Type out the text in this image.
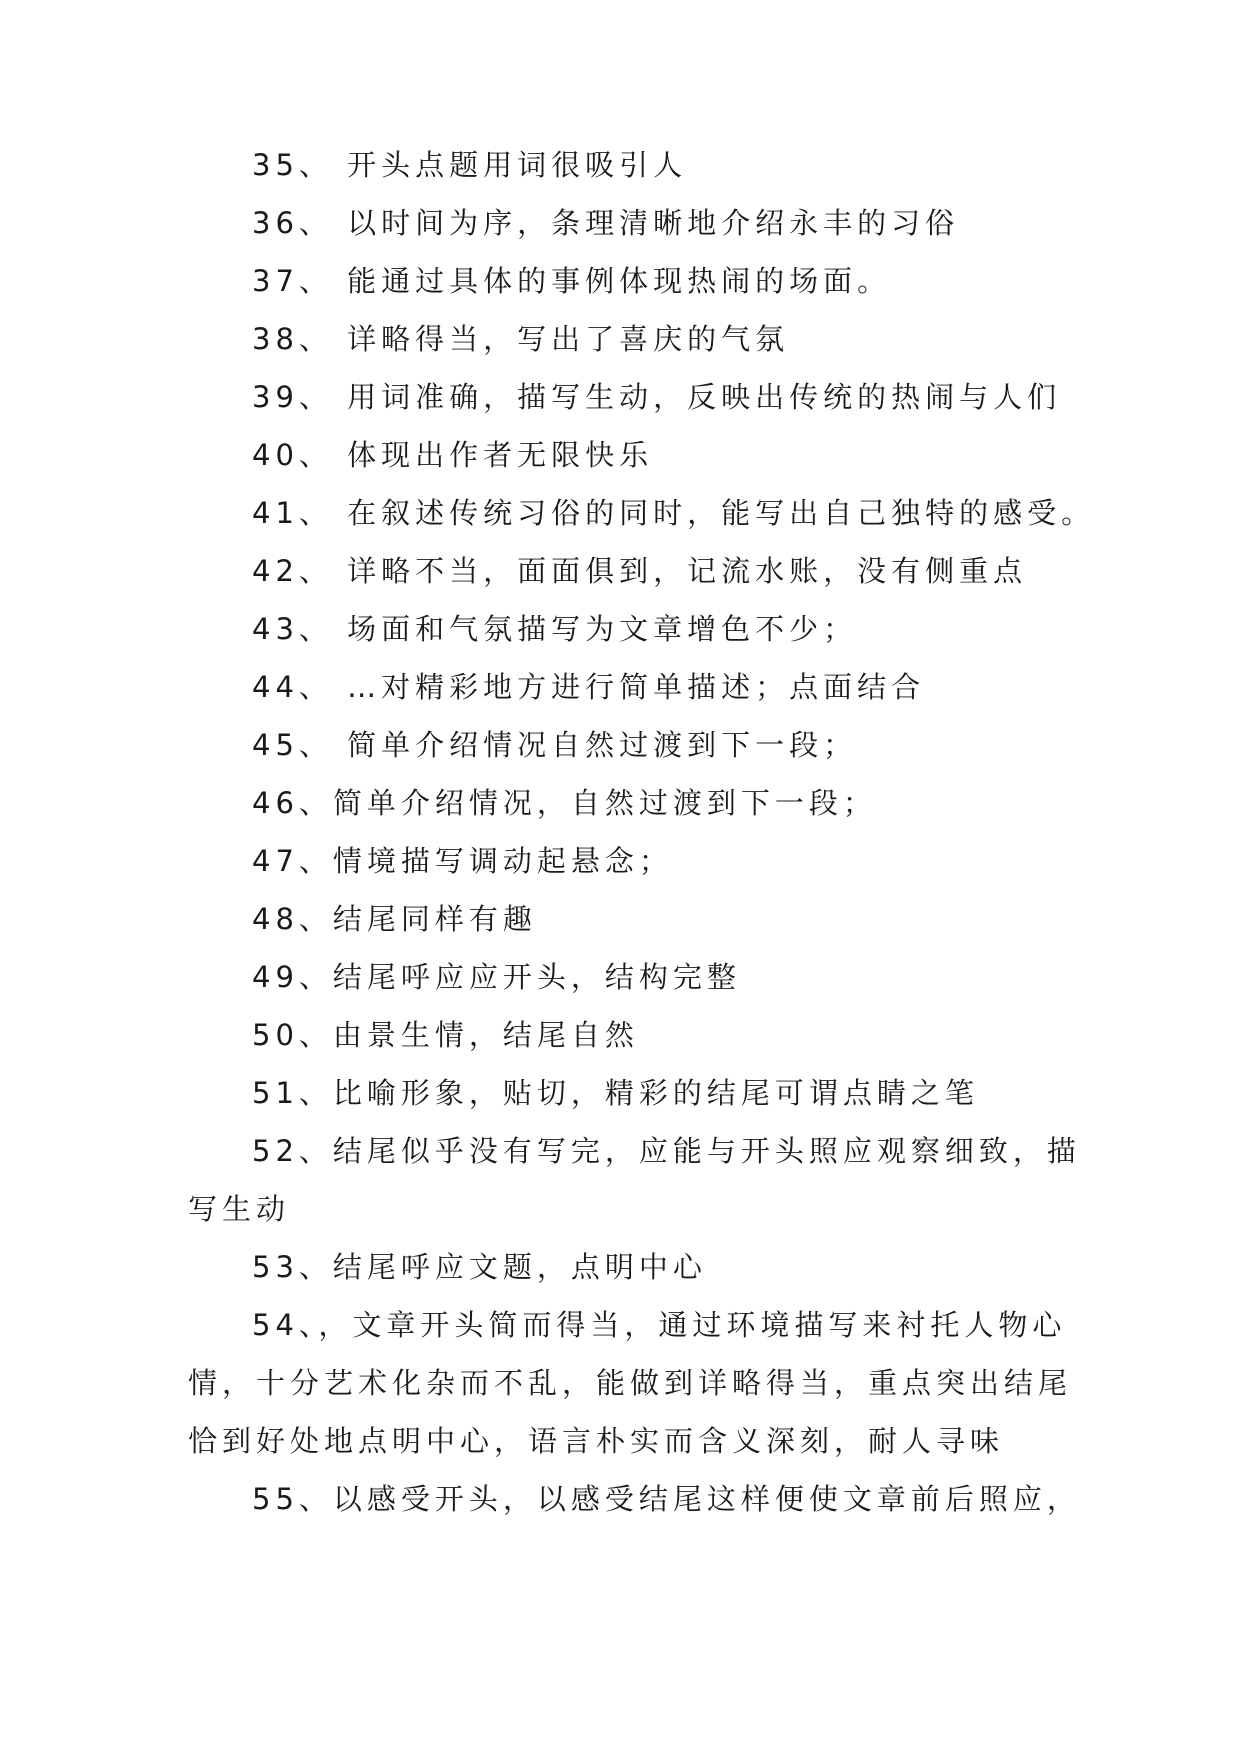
35、 开头点题用词很吸引人
36、 以时间为序，条理清晰地介绍永丰的习俗
37、 能通过具体的事例体现热闹的场面。
38、 详略得当，写出了喜庆的气氛
39、 用词准确，描写生动，反映出传统的热闹与人们
40、 体现出作者无限快乐
41、 在叙述传统习俗的同时，能写出自己独特的感受。
42、 详略不当，面面俱到，记流水账，没有侧重点
43、 场面和气氛描写为文章增色不少；
44、 …对精彩地方进行简单描述；点面结合
45、 简单介绍情况自然过渡到下一段；
46、简单介绍情况，自然过渡到下一段；
47、情境描写调动起悬念；
48、结尾同样有趣
49、结尾呼应应开头，结构完整
50、由景生情，结尾自然
51、比喻形象，贴切，精彩的结尾可谓点睛之笔
52、结尾似乎没有写完，应能与开头照应观察细致，描
写生动
53、结尾呼应文题，点明中心
54、，文章开头简而得当，通过环境描写来衬托人物心
情，十分艺术化杂而不乱，能做到详略得当，重点突出结尾
恰到好处地点明中心，语言朴实而含义深刻，耐人寻味
55、以感受开头，以感受结尾这样便使文章前后照应，
